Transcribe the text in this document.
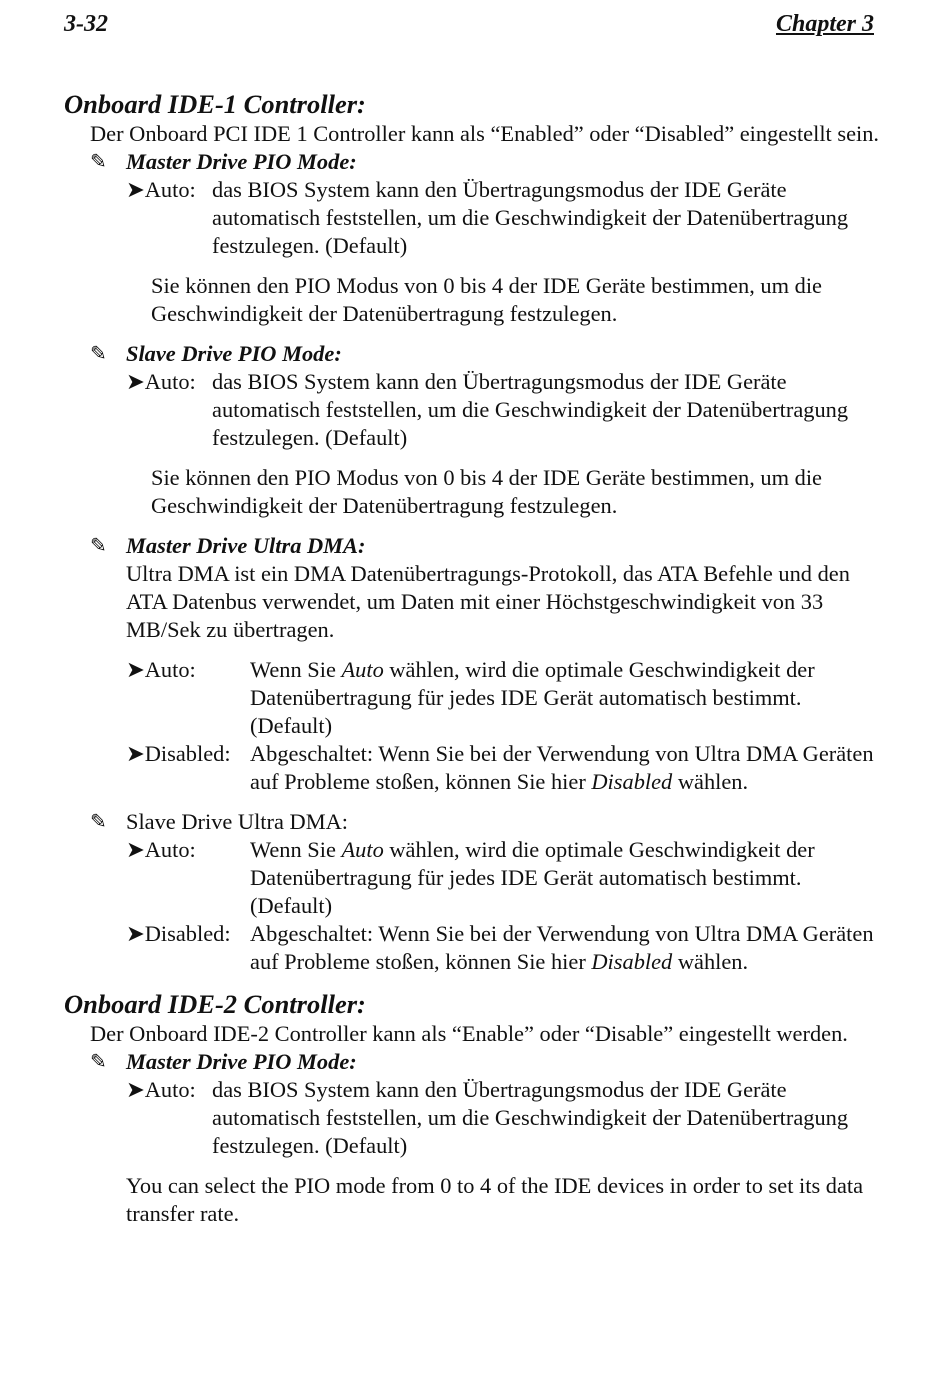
3-32	Chapter 3
Onboard IDE-1 Controller:

Der Onboard PCI IDE 1 Controller kann als “Enabled” oder “Disabled” eingestellt sein.

✎ Master Drive PIO Mode:
➤Auto: das BIOS System kann den Übertragungsmodus der IDE Geräte automatisch feststellen, um die Geschwindigkeit der Datenübertragung festzulegen. (Default)

Sie können den PIO Modus von 0 bis 4 der IDE Geräte bestimmen, um die Geschwindigkeit der Datenübertragung festzulegen.

✎ Slave Drive PIO Mode:
➤Auto: das BIOS System kann den Übertragungsmodus der IDE Geräte automatisch feststellen, um die Geschwindigkeit der Datenübertragung festzulegen. (Default)

Sie können den PIO Modus von 0 bis 4 der IDE Geräte bestimmen, um die Geschwindigkeit der Datenübertragung festzulegen.

✎ Master Drive Ultra DMA:

Ultra DMA ist ein DMA Datenübertragungs-Protokoll, das ATA Befehle und den ATA Datenbus verwendet, um Daten mit einer Höchstgeschwindigkeit von 33 MB/Sek zu übertragen.

➤Auto:	Wenn Sie Auto wählen, wird die optimale Geschwindigkeit der Datenübertragung für jedes IDE Gerät automatisch bestimmt. (Default)
➤Disabled: Abgeschaltet: Wenn Sie bei der Verwendung von Ultra DMA Geräten auf Probleme stoßen, können Sie hier Disabled wählen.
✎ Slave Drive Ultra DMA:
➤Auto:	Wenn Sie Auto wählen, wird die optimale Geschwindigkeit der Datenübertragung für jedes IDE Gerät automatisch bestimmt. (Default)
➤Disabled: Abgeschaltet: Wenn Sie bei der Verwendung von Ultra DMA Geräten auf Probleme stoßen, können Sie hier Disabled wählen.
Onboard IDE-2 Controller:

Der Onboard IDE-2 Controller kann als “Enable” oder “Disable” eingestellt werden.

✎ Master Drive PIO Mode:
➤Auto: das BIOS System kann den Übertragungsmodus der IDE Geräte automatisch feststellen, um die Geschwindigkeit der Datenübertragung festzulegen. (Default)

You can select the PIO mode from 0 to 4 of the IDE devices in order to set its data transfer rate.
